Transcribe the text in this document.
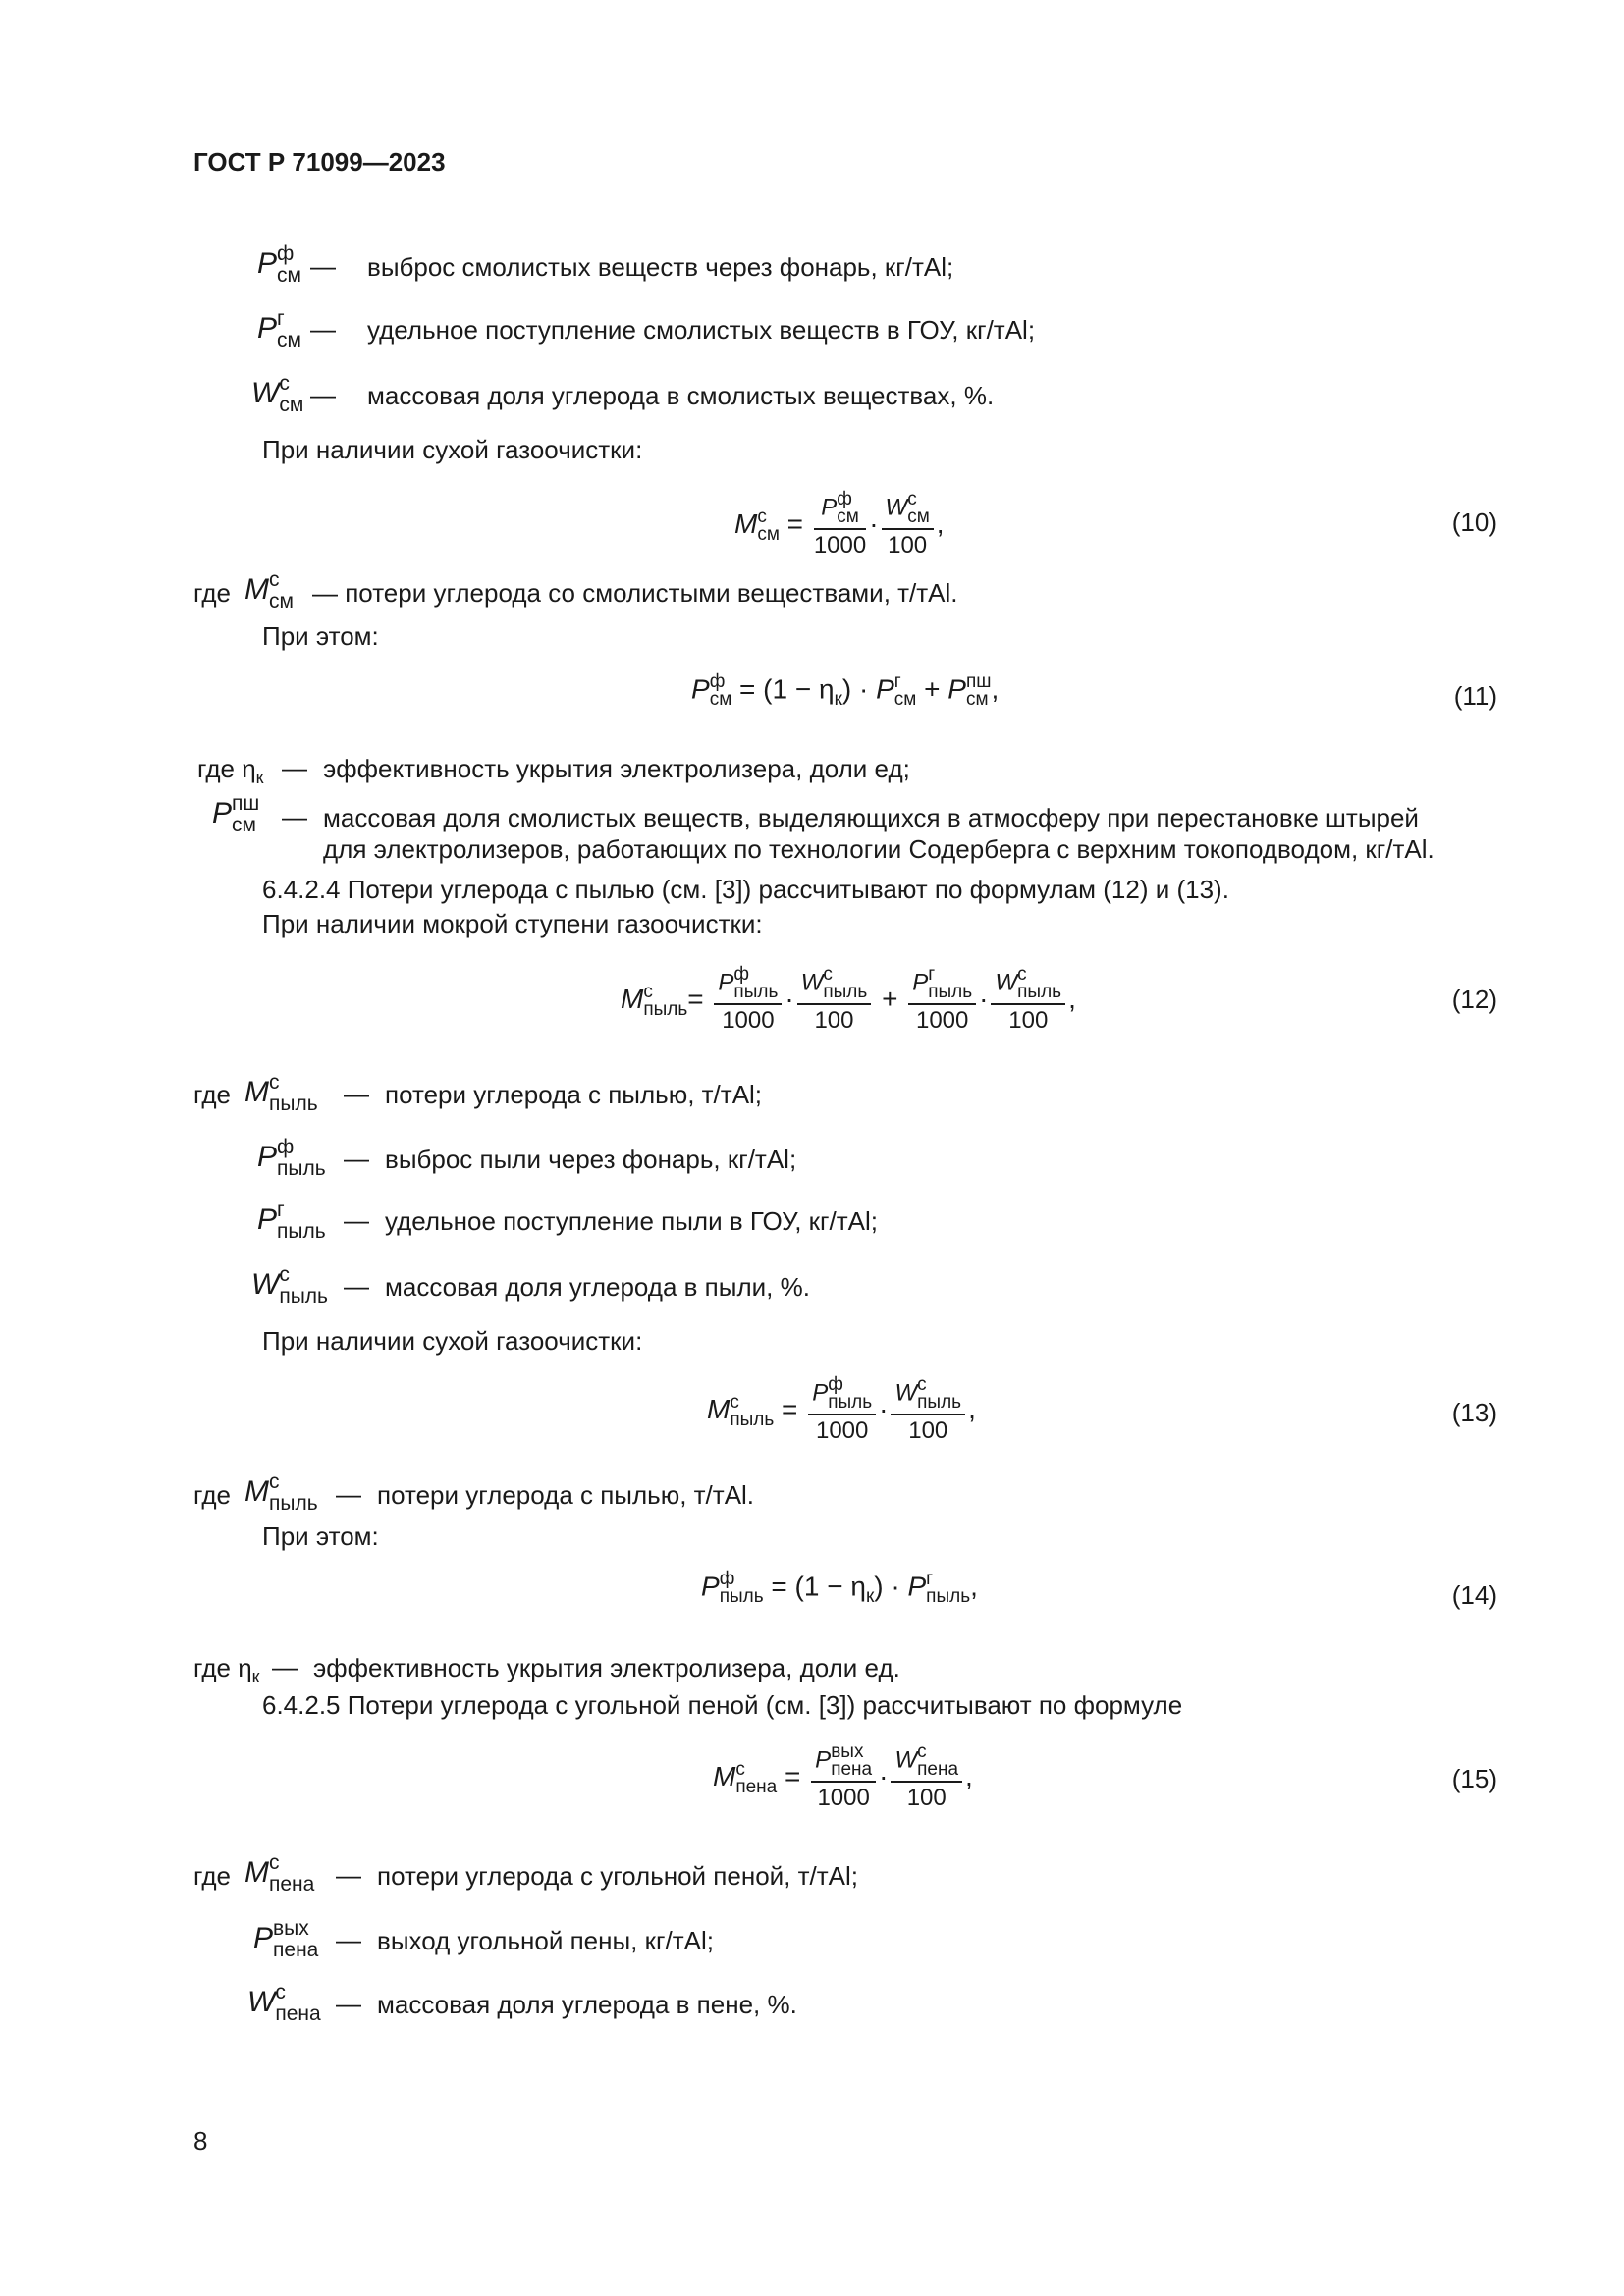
ГОСТ Р 71099—2023
P ф
см — выброс смолистых веществ через фонарь, кг/тAl;
P г
см — удельное поступление смолистых веществ в ГОУ, кг/тAl;
W с
см — массовая доля углерода в смолистых веществах, %.
При наличии сухой газоочистки:
M с
см = P ф
см
1000 · W с
см
100 ,	(10)
где M с
см — потери углерода со смолистыми веществами, т/тAl.
При этом:
P ф
см = $(1 - \eta_к) \cdot P$ г
см + P пш
см ,	(11)
где $\eta_к$ — эффективность укрытия электролизера, доли ед;
P пш
см — массовая доля смолистых веществ, выделяющихся в атмосферу при перестановке штырей
для электролизеров, работающих по технологии Содерберга с верхним токоподводом, кг/тAl.
6.4.2.4 Потери углерода с пылью (см. [3]) рассчитывают по формулам (12) и (13).
При наличии мокрой ступени газоочистки:
M с
пыль = P ф
пыль
1000 · W с
пыль
100 + P г
пыль
1000 · W с
пыль
100 ,	(12)
где M с
пыль — потери углерода с пылью, т/тAl;
P ф
пыль — выброс пыли через фонарь, кг/тAl;
P г
пыль — удельное поступление пыли в ГОУ, кг/тAl;
W с
пыль — массовая доля углерода в пыли, %.
При наличии сухой газоочистки:
M с
пыль = P ф
пыль
1000 · W с
пыль
100 ,	(13)
где M с
пыль — потери углерода с пылью, т/тAl.
При этом:
P ф
пыль = $(1 - \eta_к) \cdot P$ г
пыль ,	(14)
где $\eta_к$ — эффективность укрытия электролизера, доли ед.
6.4.2.5 Потери углерода с угольной пеной (см. [3]) рассчитывают по формуле
M с
пена = P вых
пена
1000 · W с
пена
100 ,	(15)
где M с
пена — потери углерода с угольной пеной, т/тAl;
P вых
пена — выход угольной пены, кг/тAl;
W с
пена — массовая доля углерода в пене, %.
8
